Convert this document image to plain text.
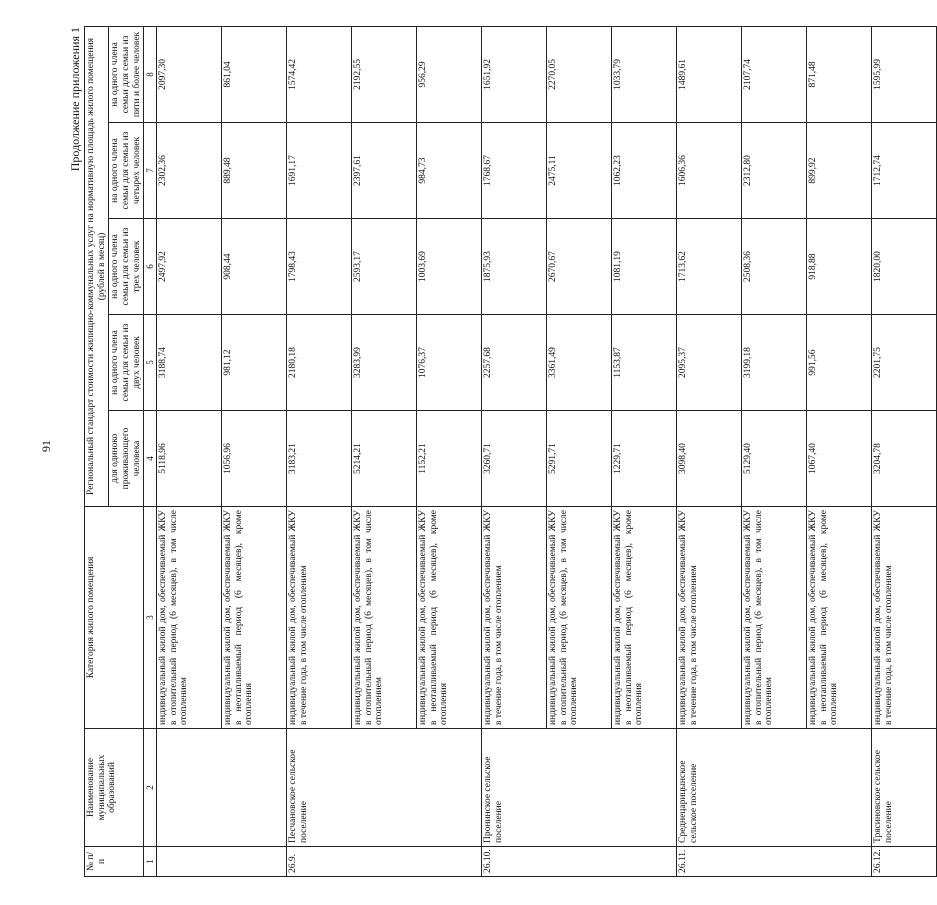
91
Продолжение приложения 1
№ п/п	Наименование муниципальных образований	Категория жилого помещения	Региональный стандарт стоимости жилищно-коммунальных услуг на нормативную площадь жилого помещения (рублей в месяц)				
			для одиноко проживающего человека	на одного члена семьи для семьи из двух человек	на одного члена семьи для семьи из трех человек	на одного члена семьи для семьи из четырех человек	на одного члена семьи для семьи из пяти и более человек
1	2	3	4	5	6	7	8
		индивидуальный жилой дом, обеспечиваемый ЖКУ в отопительный период (6 месяцев), в том числе отоплением	5118,96	3188,74	2497,92	2302,36	2097,30
		индивидуальный жилой дом, обеспечиваемый ЖКУ в неотапливаемый период (6 месяцев), кроме отопления	1056,96	981,12	908,44	889,48	861,04
26.9.	Песчановское сельское поселение	индивидуальный жилой дом, обеспечиваемый ЖКУ в течение года, в том числе отоплением	3183,21	2180,18	1798,43	1691,17	1574,42
		индивидуальный жилой дом, обеспечиваемый ЖКУ в отопительный период (6 месяцев), в том числе отоплением	5214,21	3283,99	2593,17	2397,61	2192,55
		индивидуальный жилой дом, обеспечиваемый ЖКУ в неотапливаемый период (6 месяцев), кроме отопления	1152,21	1076,37	1003,69	984,73	956,29
26.10.	Пронинское сельское поселение	индивидуальный жилой дом, обеспечиваемый ЖКУ в течение года, в том числе отоплением	3260,71	2257,68	1875,93	1768,67	1651,92
		индивидуальный жилой дом, обеспечиваемый ЖКУ в отопительный период (6 месяцев), в том числе отоплением	5291,71	3361,49	2670,67	2475,11	2270,05
		индивидуальный жилой дом, обеспечиваемый ЖКУ в неотапливаемый период (6 месяцев), кроме отопления	1229,71	1153,87	1081,19	1062,23	1033,79
26.11.	Среднецарицынское сельское поселение	индивидуальный жилой дом, обеспечиваемый ЖКУ в течение года, в том числе отоплением	3098,40	2095,37	1713,62	1606,36	1489,61
		индивидуальный жилой дом, обеспечиваемый ЖКУ в отопительный период (6 месяцев), в том числе отоплением	5129,40	3199,18	2508,36	2312,80	2107,74
		индивидуальный жилой дом, обеспечиваемый ЖКУ в неотапливаемый период (6 месяцев), кроме отопления	1067,40	991,56	918,88	899,92	871,48
26.12.	Трясиновское сельское поселение	индивидуальный жилой дом, обеспечиваемый ЖКУ в течение года, в том числе отоплением	3204,78	2201,75	1820,00	1712,74	1595,99
